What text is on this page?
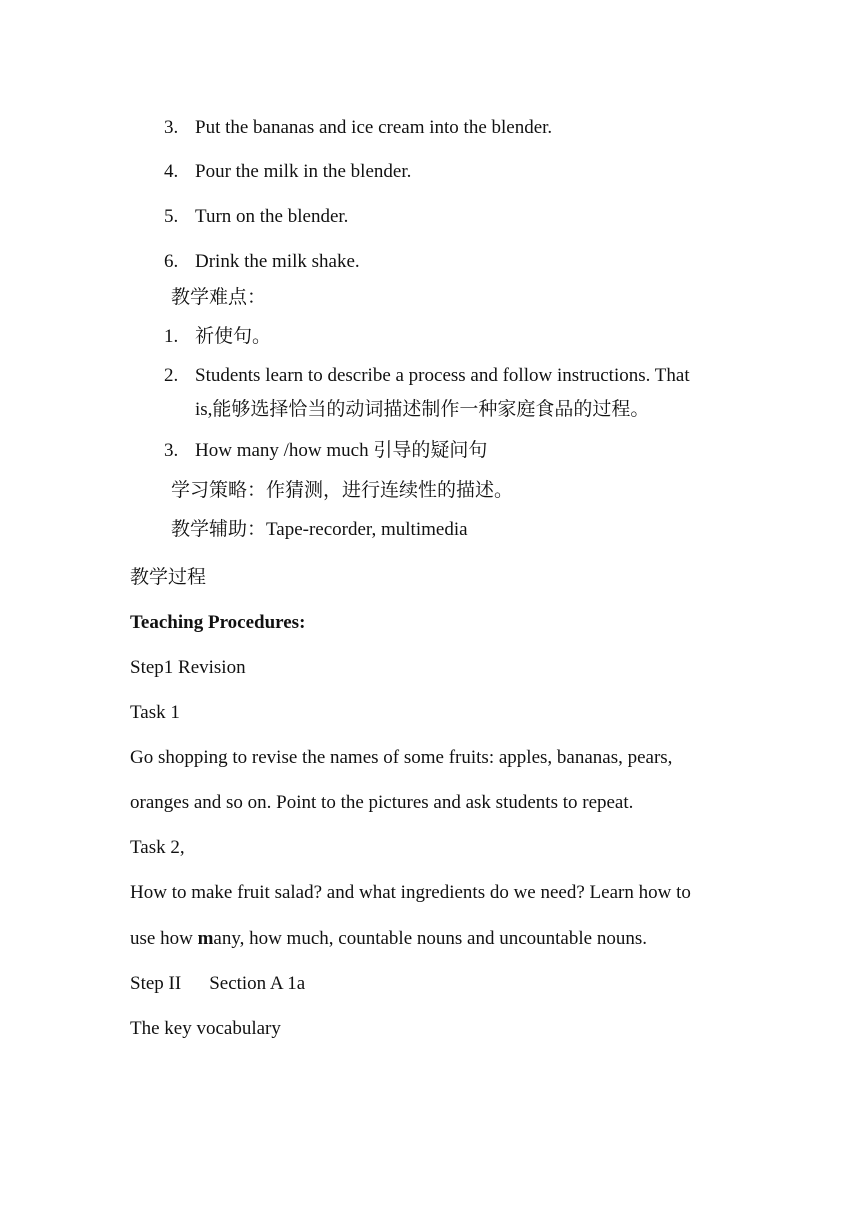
3. Put the bananas and ice cream into the blender.
4. Pour the milk in the blender.
5. Turn on the blender.
6. Drink the milk shake.
教学难点：
1. 祈使句。
2. Students learn to describe a process and follow instructions. That
is,能够选择恰当的动词描述制作一种家庭食品的过程。
3. How many /how much 引导的疑问句
学习策略：作猜测，进行连续性的描述。
教学辅助：Tape-recorder, multimedia
教学过程
Teaching Procedures:
Step1 Revision
Task 1
Go shopping to revise the names of some fruits: apples, bananas, pears,
oranges and so on. Point to the pictures and ask students to repeat.
Task 2,
How to make fruit salad? and what ingredients do we need? Learn how to
use how many, how much, countable nouns and uncountable nouns.
Step II Section A 1a
The key vocabulary
